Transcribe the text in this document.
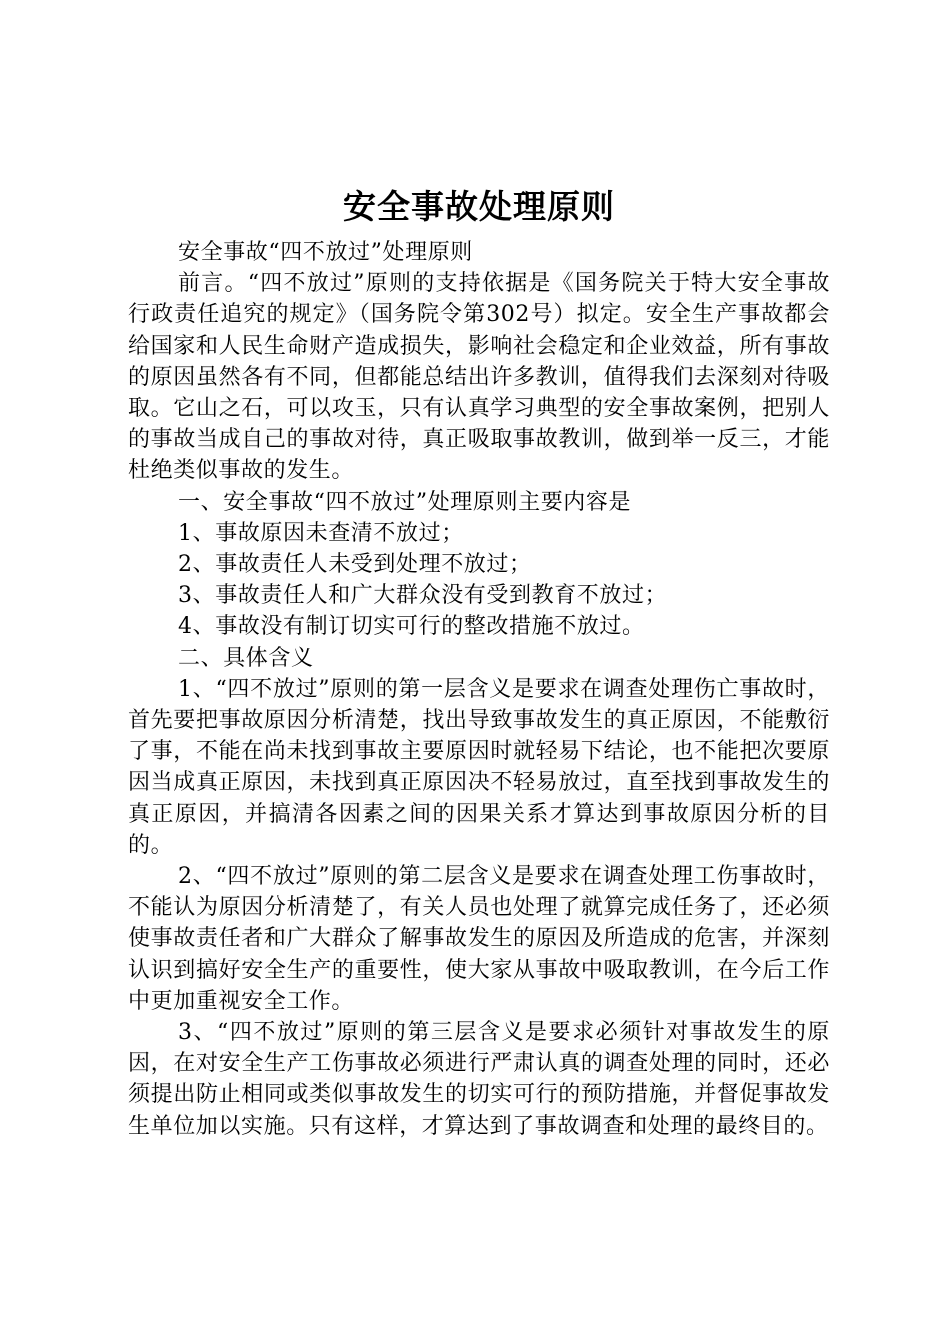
安全事故处理原则

安全事故“四不放过”处理原则

前言。“四不放过”原则的支持依据是《国务院关于特大安全事故行政责任追究的规定》（国务院令第302号）拟定。安全生产事故都会给国家和人民生命财产造成损失，影响社会稳定和企业效益，所有事故的原因虽然各有不同，但都能总结出许多教训，值得我们去深刻对待吸取。它山之石，可以攻玉，只有认真学习典型的安全事故案例，把别人的事故当成自己的事故对待，真正吸取事故教训，做到举一反三，才能杜绝类似事故的发生。

一、安全事故“四不放过”处理原则主要内容是

1、事故原因未查清不放过；

2、事故责任人未受到处理不放过；

3、事故责任人和广大群众没有受到教育不放过；

4、事故没有制订切实可行的整改措施不放过。

二、具体含义

1、“四不放过”原则的第一层含义是要求在调查处理伤亡事故时，首先要把事故原因分析清楚，找出导致事故发生的真正原因，不能敷衍了事，不能在尚未找到事故主要原因时就轻易下结论，也不能把次要原因当成真正原因，未找到真正原因决不轻易放过，直至找到事故发生的真正原因，并搞清各因素之间的因果关系才算达到事故原因分析的目的。

2、“四不放过”原则的第二层含义是要求在调查处理工伤事故时，不能认为原因分析清楚了，有关人员也处理了就算完成任务了，还必须使事故责任者和广大群众了解事故发生的原因及所造成的危害，并深刻认识到搞好安全生产的重要性，使大家从事故中吸取教训，在今后工作中更加重视安全工作。

3、“四不放过”原则的第三层含义是要求必须针对事故发生的原因，在对安全生产工伤事故必须进行严肃认真的调查处理的同时，还必须提出防止相同或类似事故发生的切实可行的预防措施，并督促事故发生单位加以实施。只有这样，才算达到了事故调查和处理的最终目的。
